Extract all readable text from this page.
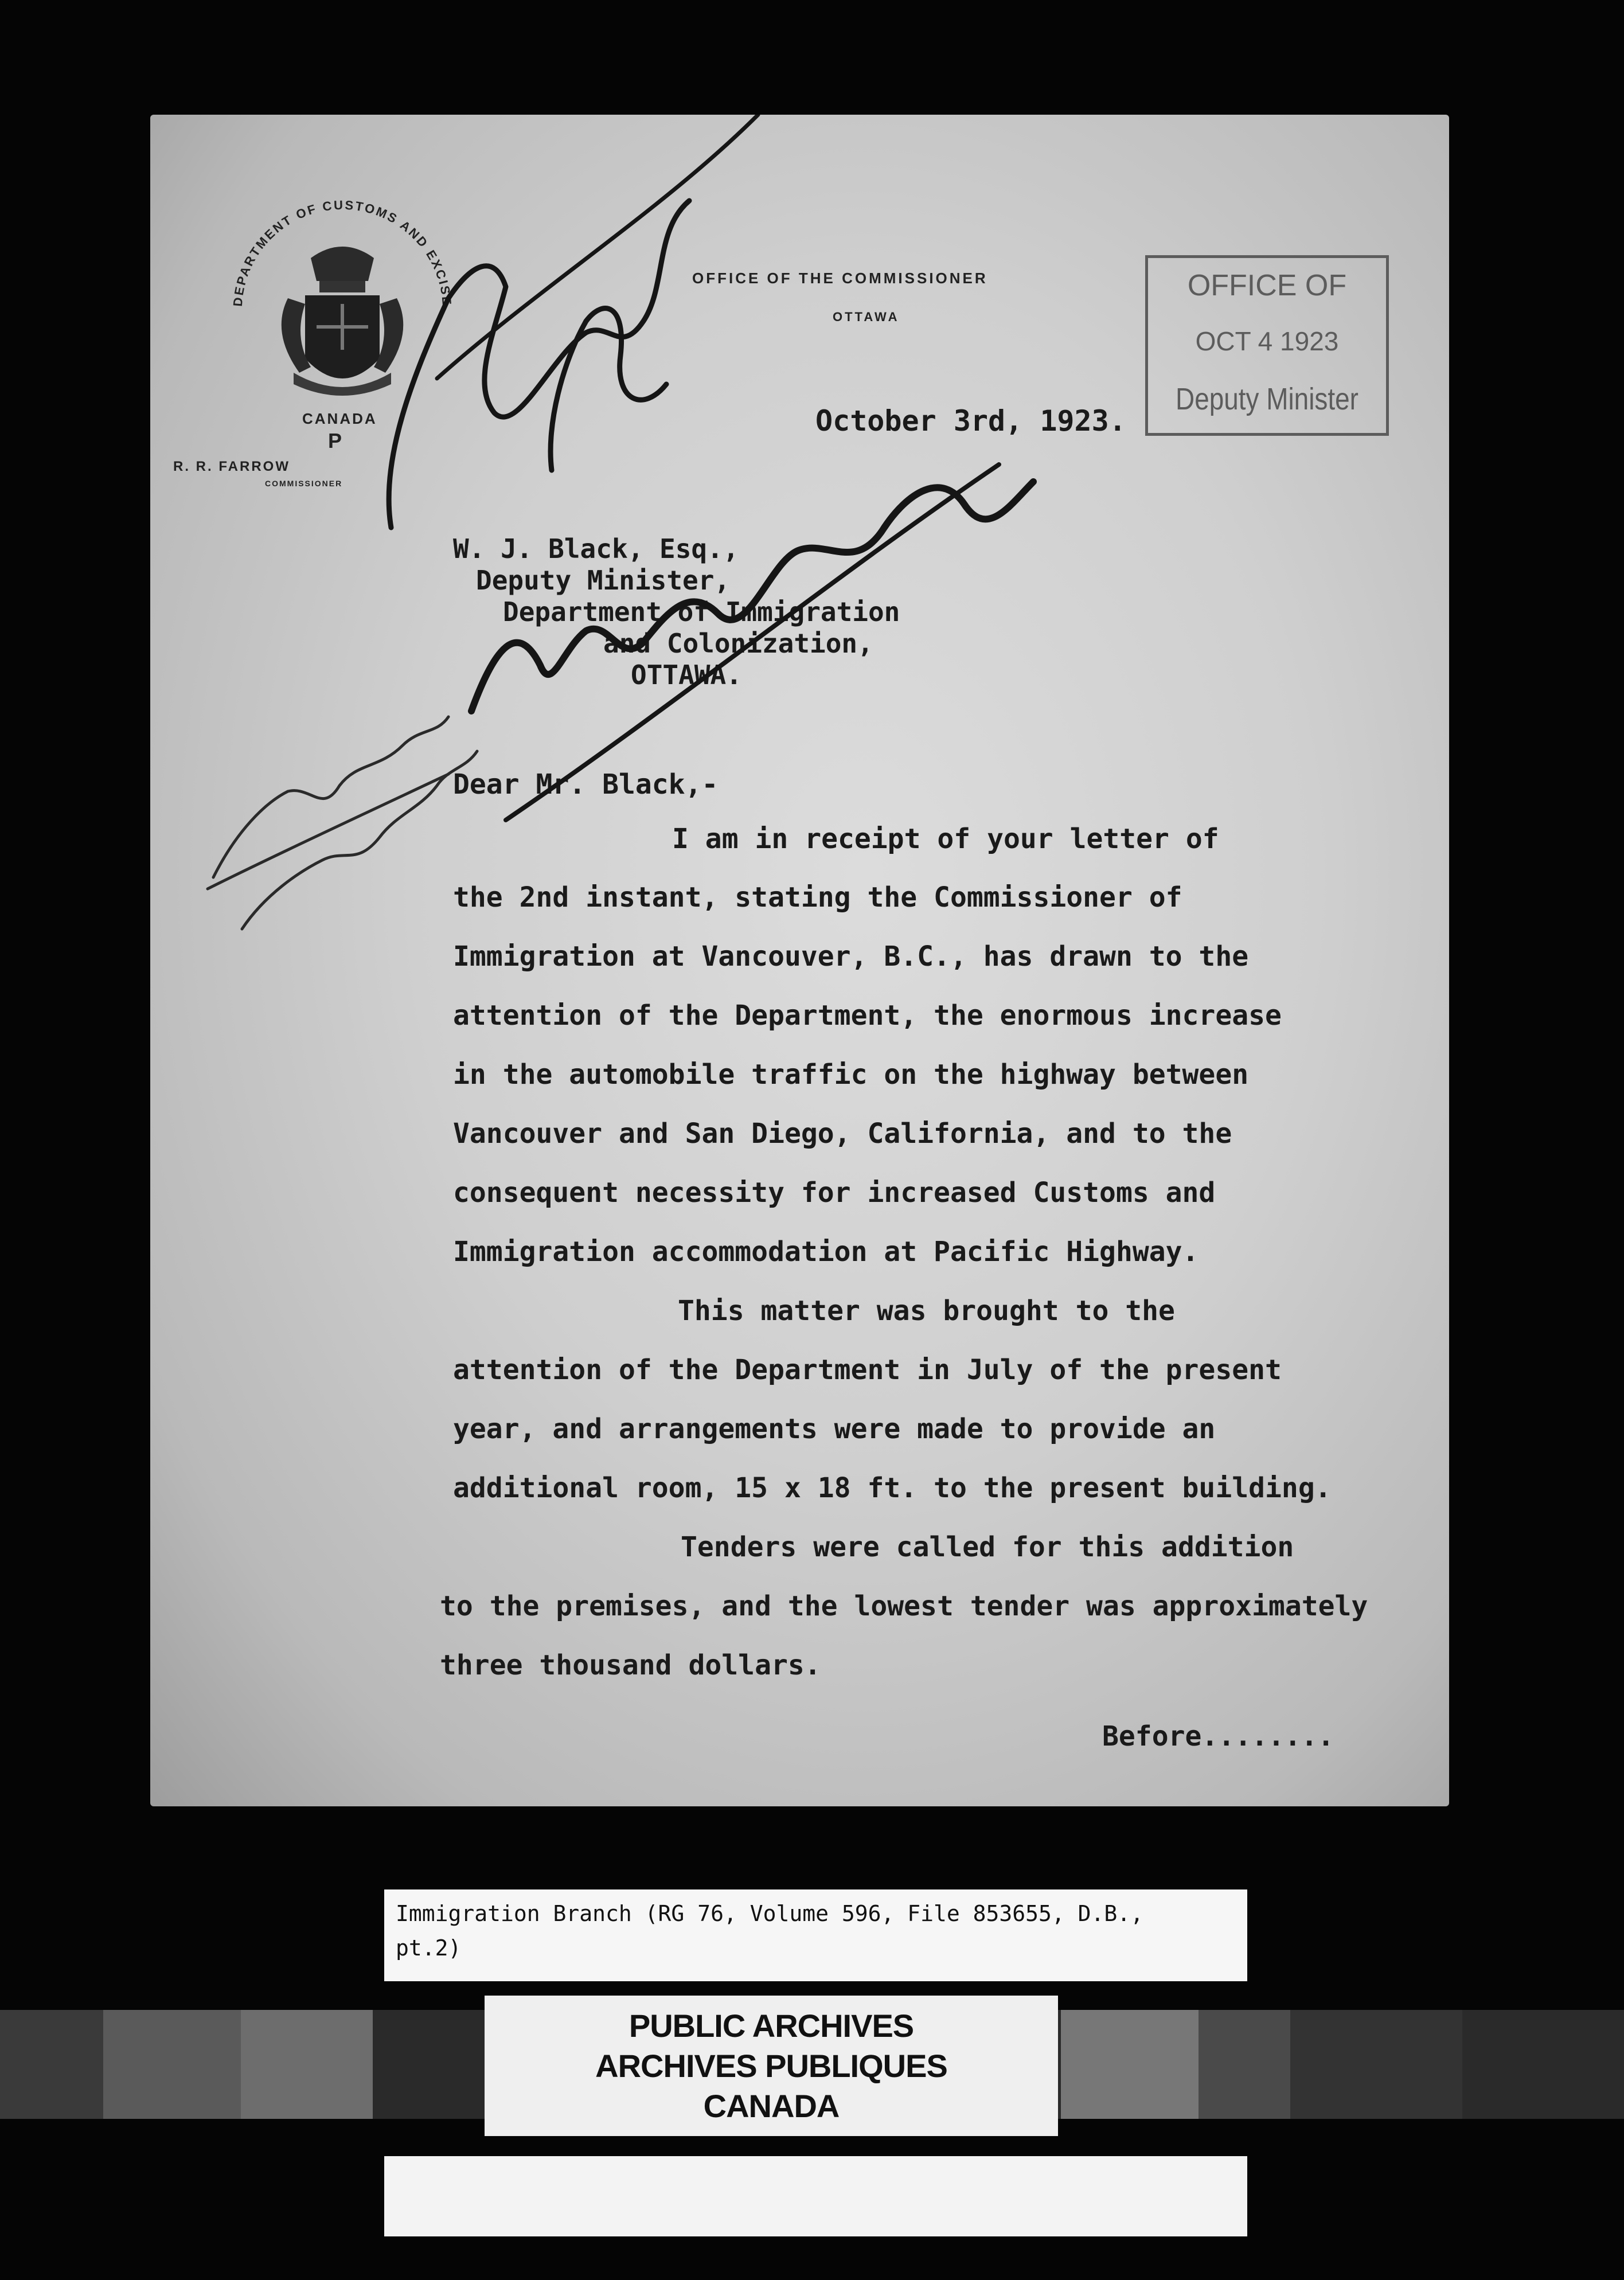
DEPARTMENT OF CUSTOMS AND EXCISE
CANADA
P
R. R. FARROW
COMMISSIONER
OFFICE OF THE COMMISSIONER
OTTAWA
OFFICE OF
OCT 4 1923
Deputy Minister
October 3rd, 1923.
W. J. Black, Esq.,
Deputy Minister,
Department of Immigration
and Colonization,
OTTAWA.
Dear Mr. Black,-
I am in receipt of your letter of
the 2nd instant, stating the Commissioner of
Immigration at Vancouver, B.C., has drawn to the
attention of the Department, the enormous increase
in the automobile traffic on the highway between
Vancouver and San Diego, California, and to the
consequent necessity for increased Customs and
Immigration accommodation at Pacific Highway.
This matter was brought to the
attention of the Department in July of the present
year, and arrangements were made to provide an
additional room, 15 x 18 ft. to the present building.
Tenders were called for this addition
to the premises, and the lowest tender was approximately
three thousand dollars.
Before........
Immigration Branch (RG 76, Volume 596, File 853655, D.B.,
pt.2)
PUBLIC ARCHIVES
ARCHIVES PUBLIQUES
CANADA
